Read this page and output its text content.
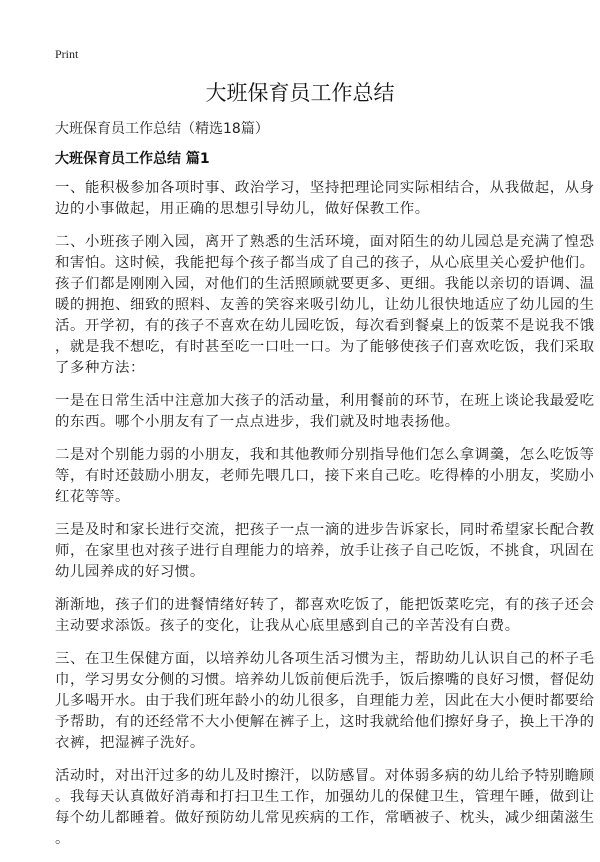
Print
大班保育员工作总结
大班保育员工作总结（精选18篇）
大班保育员工作总结 篇1
一、能积极参加各项时事、政治学习，坚持把理论同实际相结合，从我做起，从身
边的小事做起，用正确的思想引导幼儿，做好保教工作。
二、小班孩子刚入园，离开了熟悉的生活环境，面对陌生的幼儿园总是充满了惶恐
和害怕。这时候，我能把每个孩子都当成了自己的孩子，从心底里关心爱护他们。
孩子们都是刚刚入园，对他们的生活照顾就要更多、更细。我能以亲切的语调、温
暖的拥抱、细致的照料、友善的笑容来吸引幼儿，让幼儿很快地适应了幼儿园的生
活。开学初，有的孩子不喜欢在幼儿园吃饭，每次看到餐桌上的饭菜不是说我不饿
，就是我不想吃，有时甚至吃一口吐一口。为了能够使孩子们喜欢吃饭，我们采取
了多种方法：
一是在日常生活中注意加大孩子的活动量，利用餐前的环节，在班上谈论我最爱吃
的东西。哪个小朋友有了一点点进步，我们就及时地表扬他。
二是对个别能力弱的小朋友，我和其他教师分别指导他们怎么拿调羹，怎么吃饭等
等，有时还鼓励小朋友，老师先喂几口，接下来自己吃。吃得棒的小朋友，奖励小
红花等等。
三是及时和家长进行交流，把孩子一点一滴的进步告诉家长，同时希望家长配合教
师，在家里也对孩子进行自理能力的培养，放手让孩子自己吃饭，不挑食，巩固在
幼儿园养成的好习惯。
渐渐地，孩子们的进餐情绪好转了，都喜欢吃饭了，能把饭菜吃完，有的孩子还会
主动要求添饭。孩子的变化，让我从心底里感到自己的辛苦没有白费。
三、在卫生保健方面，以培养幼儿各项生活习惯为主，帮助幼儿认识自己的杯子毛
巾，学习男女分侧的习惯。培养幼儿饭前便后洗手，饭后擦嘴的良好习惯，督促幼
儿多喝开水。由于我们班年龄小的幼儿很多，自理能力差，因此在大小便时都要给
予帮助，有的还经常不大小便解在裤子上，这时我就给他们擦好身子，换上干净的
衣裤，把湿裤子洗好。
活动时，对出汗过多的幼儿及时擦汗，以防感冒。对体弱多病的幼儿给予特别瞻顾
。我每天认真做好消毒和打扫卫生工作，加强幼儿的保健卫生，管理午睡，做到让
每个幼儿都睡着。做好预防幼儿常见疾病的工作，常晒被子、枕头，减少细菌滋生
。
